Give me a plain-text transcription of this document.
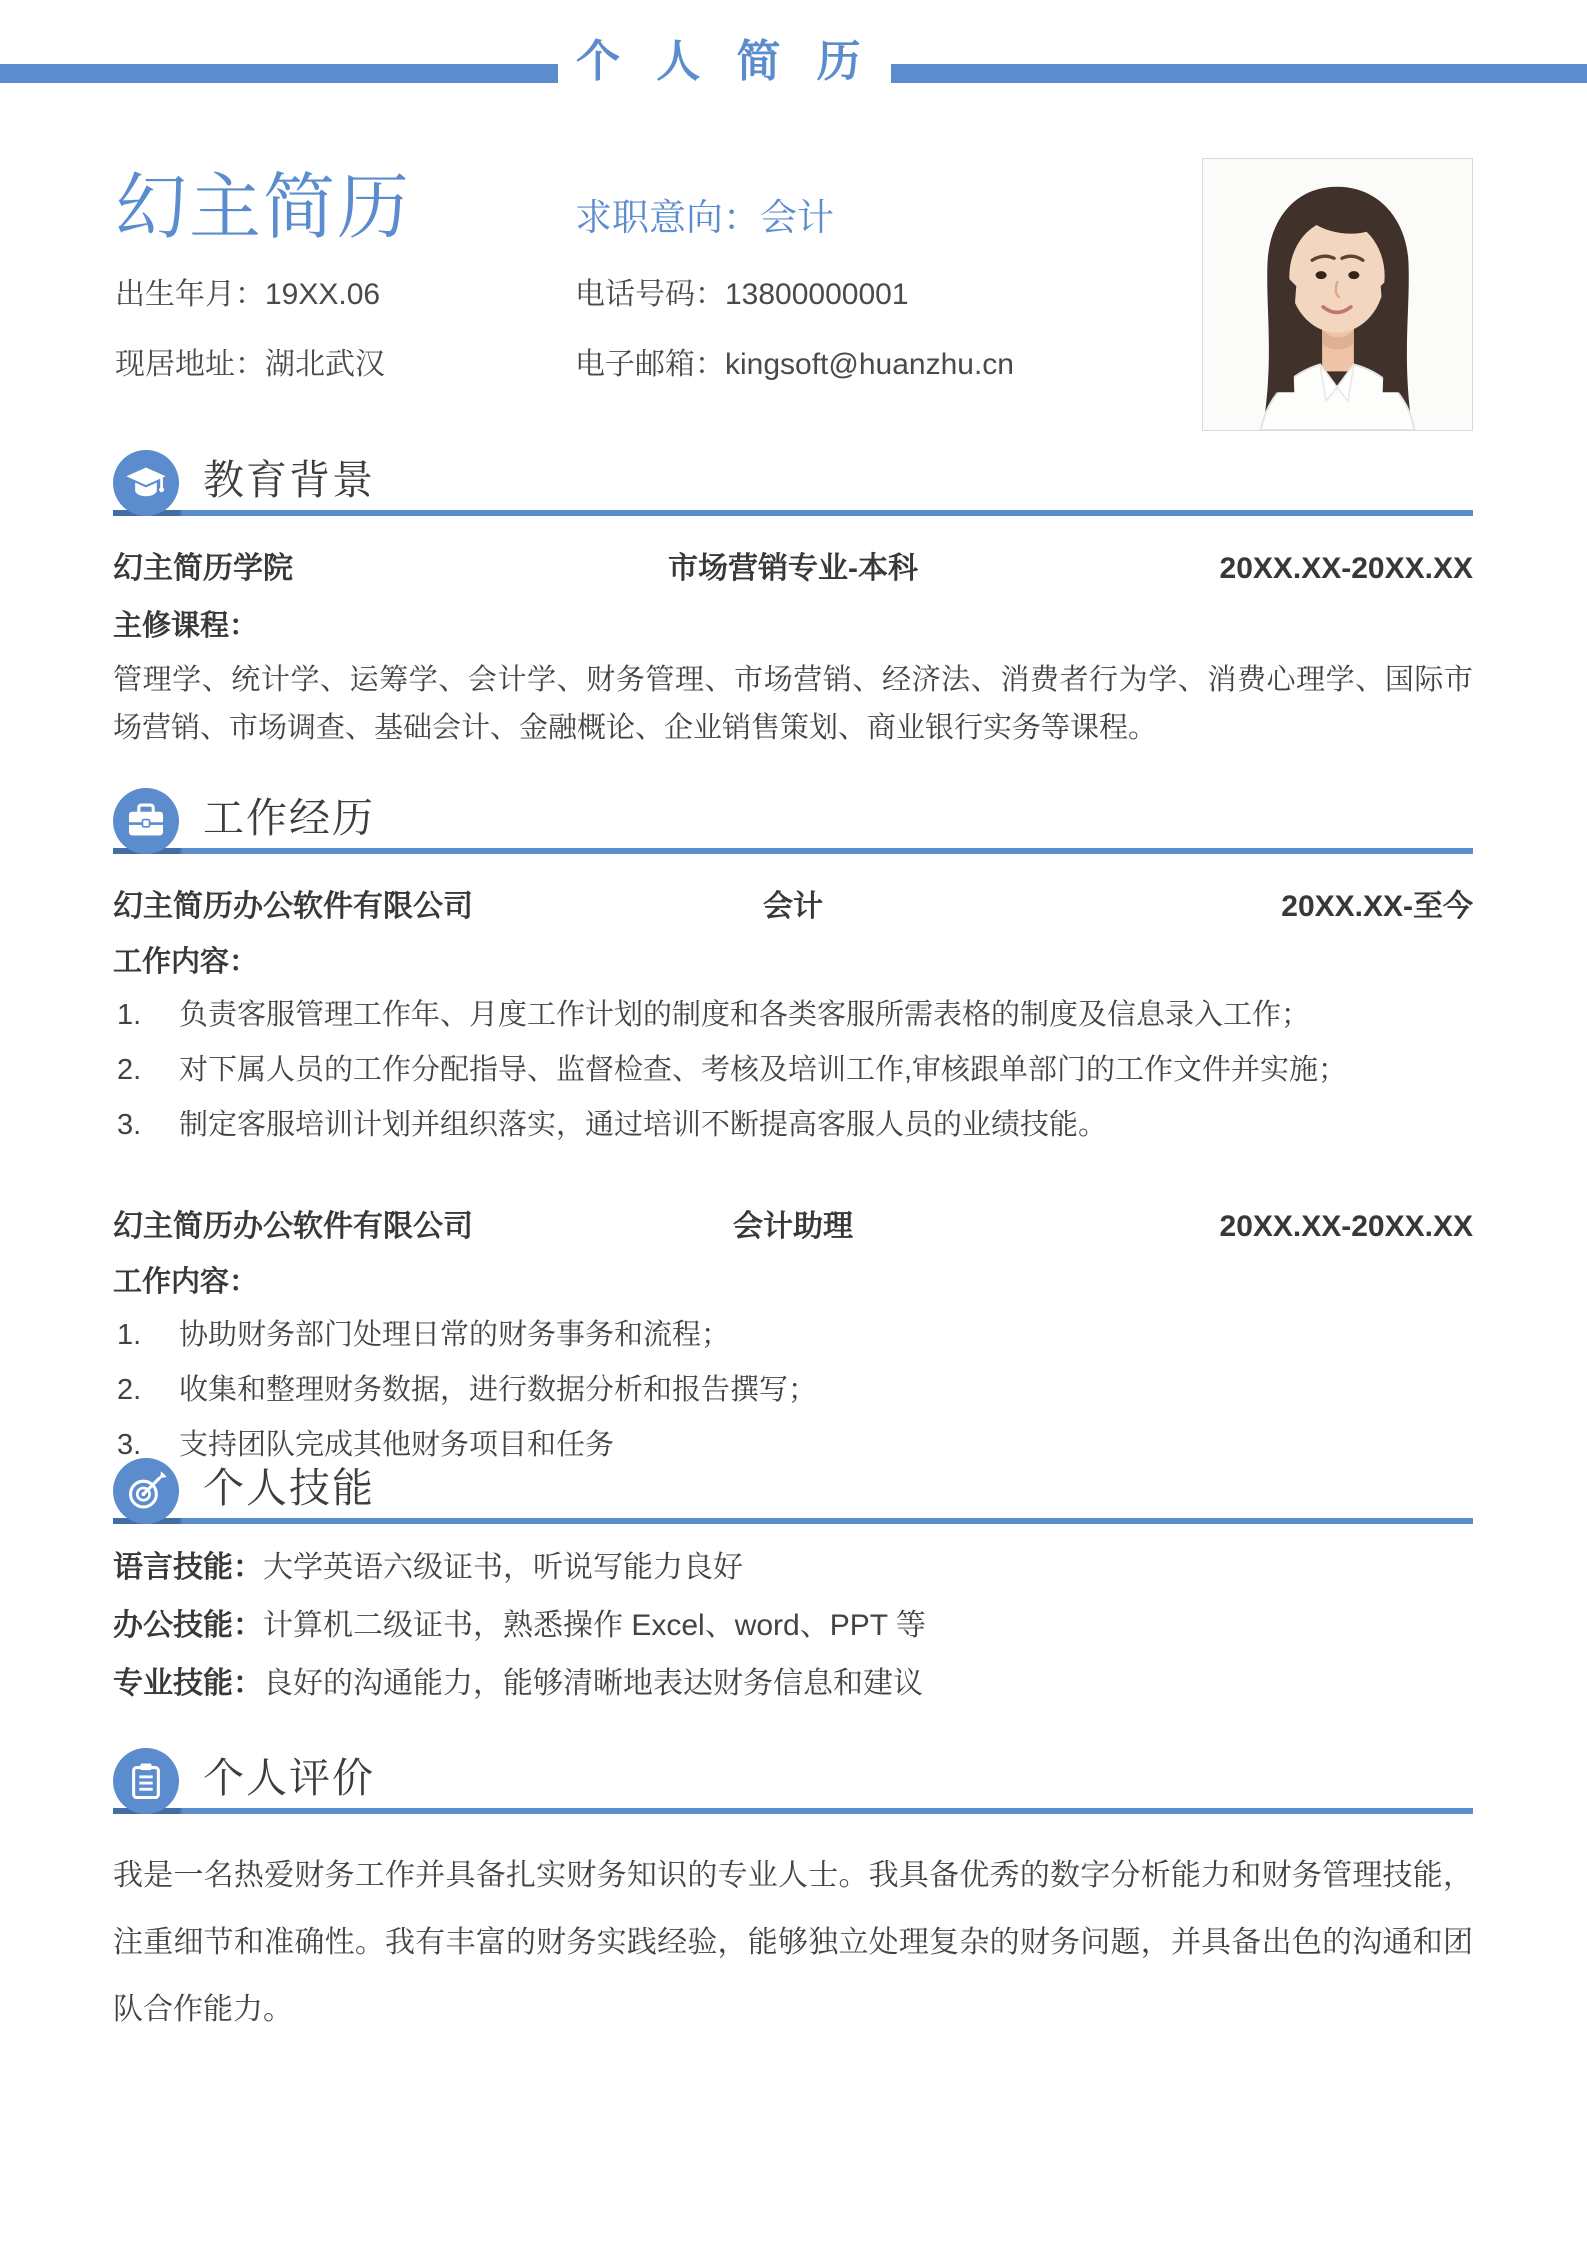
个 人 简 历
幻主简历	求职意向：会计
出生年月：19XX.06	电话号码：13800000001
现居地址：湖北武汉	电子邮箱：kingsoft@huanzhu.cn
教育背景
幻主简历学院	市场营销专业-本科	20XX.XX-20XX.XX
主修课程：
管理学、统计学、运筹学、会计学、财务管理、市场营销、经济法、消费者行为学、消费心理学、国际市场营销、市场调查、基础会计、金融概论、企业销售策划、商业银行实务等课程。
工作经历
幻主简历办公软件有限公司	会计	20XX.XX-至今
工作内容：
负责客服管理工作年、月度工作计划的制度和各类客服所需表格的制度及信息录入工作；
对下属人员的工作分配指导、监督检查、考核及培训工作,审核跟单部门的工作文件并实施；
制定客服培训计划并组织落实，通过培训不断提高客服人员的业绩技能。
幻主简历办公软件有限公司	会计助理	20XX.XX-20XX.XX
工作内容：
协助财务部门处理日常的财务事务和流程；
收集和整理财务数据，进行数据分析和报告撰写；
支持团队完成其他财务项目和任务
个人技能
语言技能：大学英语六级证书，听说写能力良好
办公技能：计算机二级证书，熟悉操作 Excel、word、PPT 等
专业技能：良好的沟通能力，能够清晰地表达财务信息和建议
个人评价
我是一名热爱财务工作并具备扎实财务知识的专业人士。我具备优秀的数字分析能力和财务管理技能，注重细节和准确性。我有丰富的财务实践经验，能够独立处理复杂的财务问题，并具备出色的沟通和团队合作能力。
